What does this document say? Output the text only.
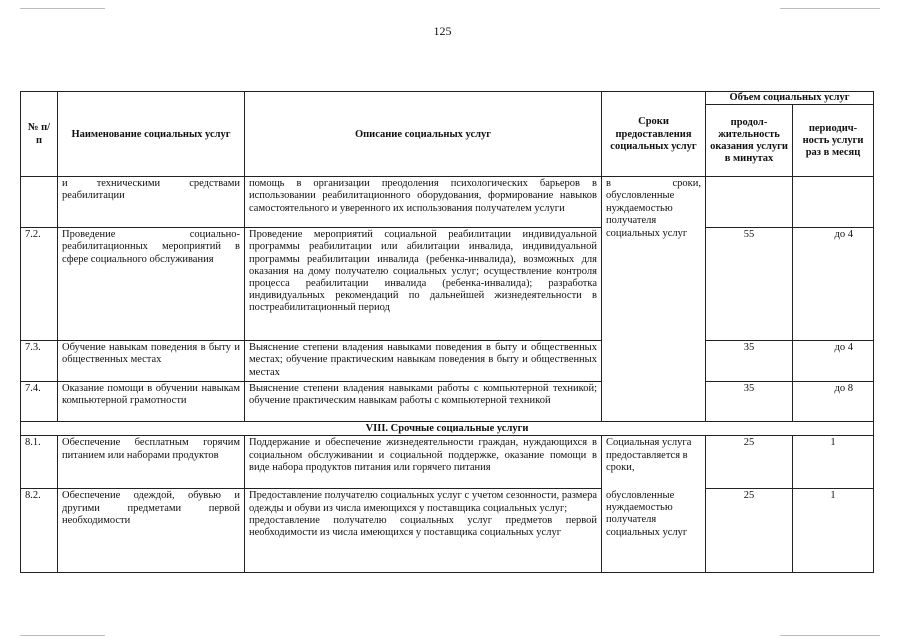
125
№ п/п	Наименование социальных услуг	Описание социальных услуг	Сроки предоставления социальных услуг	Объем социальных услуг	
				продол-жительность оказания услуги в минутах	периодич-ность услуги раз в месяц
	и техническими средствами реабилитации	помощь в организации преодоления психологических барьеров в использовании реабилитационного оборудования, формирование навыков самостоятельного и уверенного их использования получателем услуги	в сроки,
обусловленные нуждаемостью получателя
социальных услуг		

7.2.	Проведение социально-реабилитационных мероприятий в сфере социального обслуживания	Проведение мероприятий социальной реабилитации индивидуальной программы реабилитации или абилитации инвалида, индивидуальной программы реабилитации инвалида (ребенка-инвалида), возможных для оказания на дому получателю социальных услуг; осуществление контроля процесса реабилитации инвалида (ребенка-инвалида); разработка индивидуальных рекомендаций по дальнейшей жизнедеятельности в постреабилитационный период		55	до 4
7.3.	Обучение навыкам поведения в быту и общественных местах	Выяснение степени владения навыками поведения в быту и общественных местах; обучение практическим навыкам поведения в быту и общественных местах		35	до 4
7.4.	Оказание помощи в обучении навыкам компьютерной грамотности	Выяснение степени владения навыками работы с компьютерной техникой; обучение практическим навыкам работы с компьютерной техникой		35	до 8
VIII. Срочные социальные услуги					
8.1.	Обеспечение бесплатным горячим питанием или наборами продуктов	Поддержание и обеспечение жизнедеятельности граждан, нуждающихся в социальном обслуживании и социальной поддержке, оказание помощи в виде набора продуктов питания или горячего питания	Социальная услуга предоставляется в сроки,	25	1
8.2.	Обеспечение одеждой, обувью и другими предметами первой необходимости	Предоставление получателю социальных услуг с учетом сезонности, размера одежды и обуви из числа имеющихся у поставщика социальных услуг;
предоставление получателю социальных услуг предметов первой необходимости из числа имеющихся у поставщика социальных услуг	обусловленные нуждаемостью получателя социальных услуг	25	1
